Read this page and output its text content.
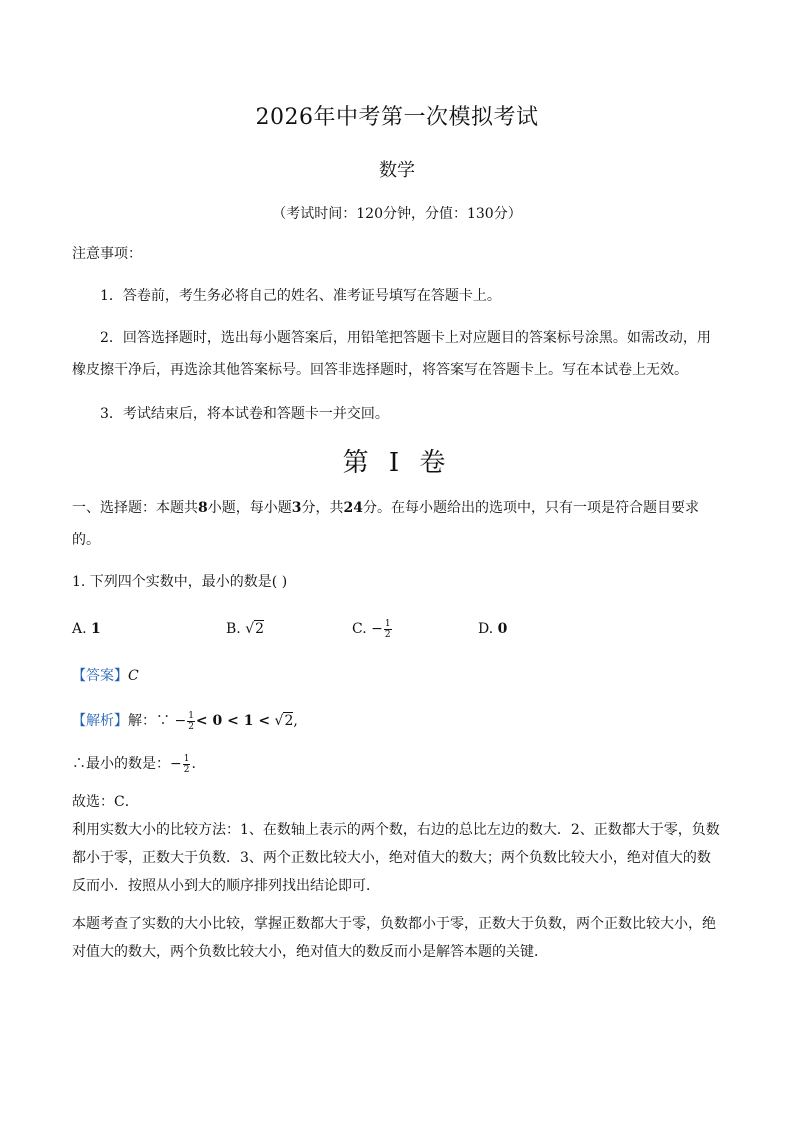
2026年中考第一次模拟考试
数学
（考试时间：120分钟，分值：130分）
注意事项：
1．答卷前，考生务必将自己的姓名、准考证号填写在答题卡上。
2．回答选择题时，选出每小题答案后，用铅笔把答题卡上对应题目的答案标号涂黑。如需改动，用橡皮擦干净后，再选涂其他答案标号。回答非选择题时，将答案写在答题卡上。写在本试卷上无效。
3．考试结束后，将本试卷和答题卡一并交回。
第 I 卷
一、选择题：本题共8小题，每小题3分，共24分。在每小题给出的选项中，只有一项是符合题目要求的。
1. 下列四个实数中，最小的数是( )
A. 1	B. √2	C. − $\frac{1}{2}$	D. 0
【答案】C
【解析】解：∵ − $\frac{1}{2} < 0 < 1 < √2$,
∴最小的数是：− $\frac{1}{2}$ .
故选：C．
利用实数大小的比较方法：1、在数轴上表示的两个数，右边的总比左边的数大．2、正数都大于零，负数都小于零，正数大于负数．3、两个正数比较大小，绝对值大的数大；两个负数比较大小，绝对值大的数反而小．按照从小到大的顺序排列找出结论即可．
本题考查了实数的大小比较，掌握正数都大于零，负数都小于零，正数大于负数，两个正数比较大小，绝对值大的数大，两个负数比较大小，绝对值大的数反而小是解答本题的关键．
